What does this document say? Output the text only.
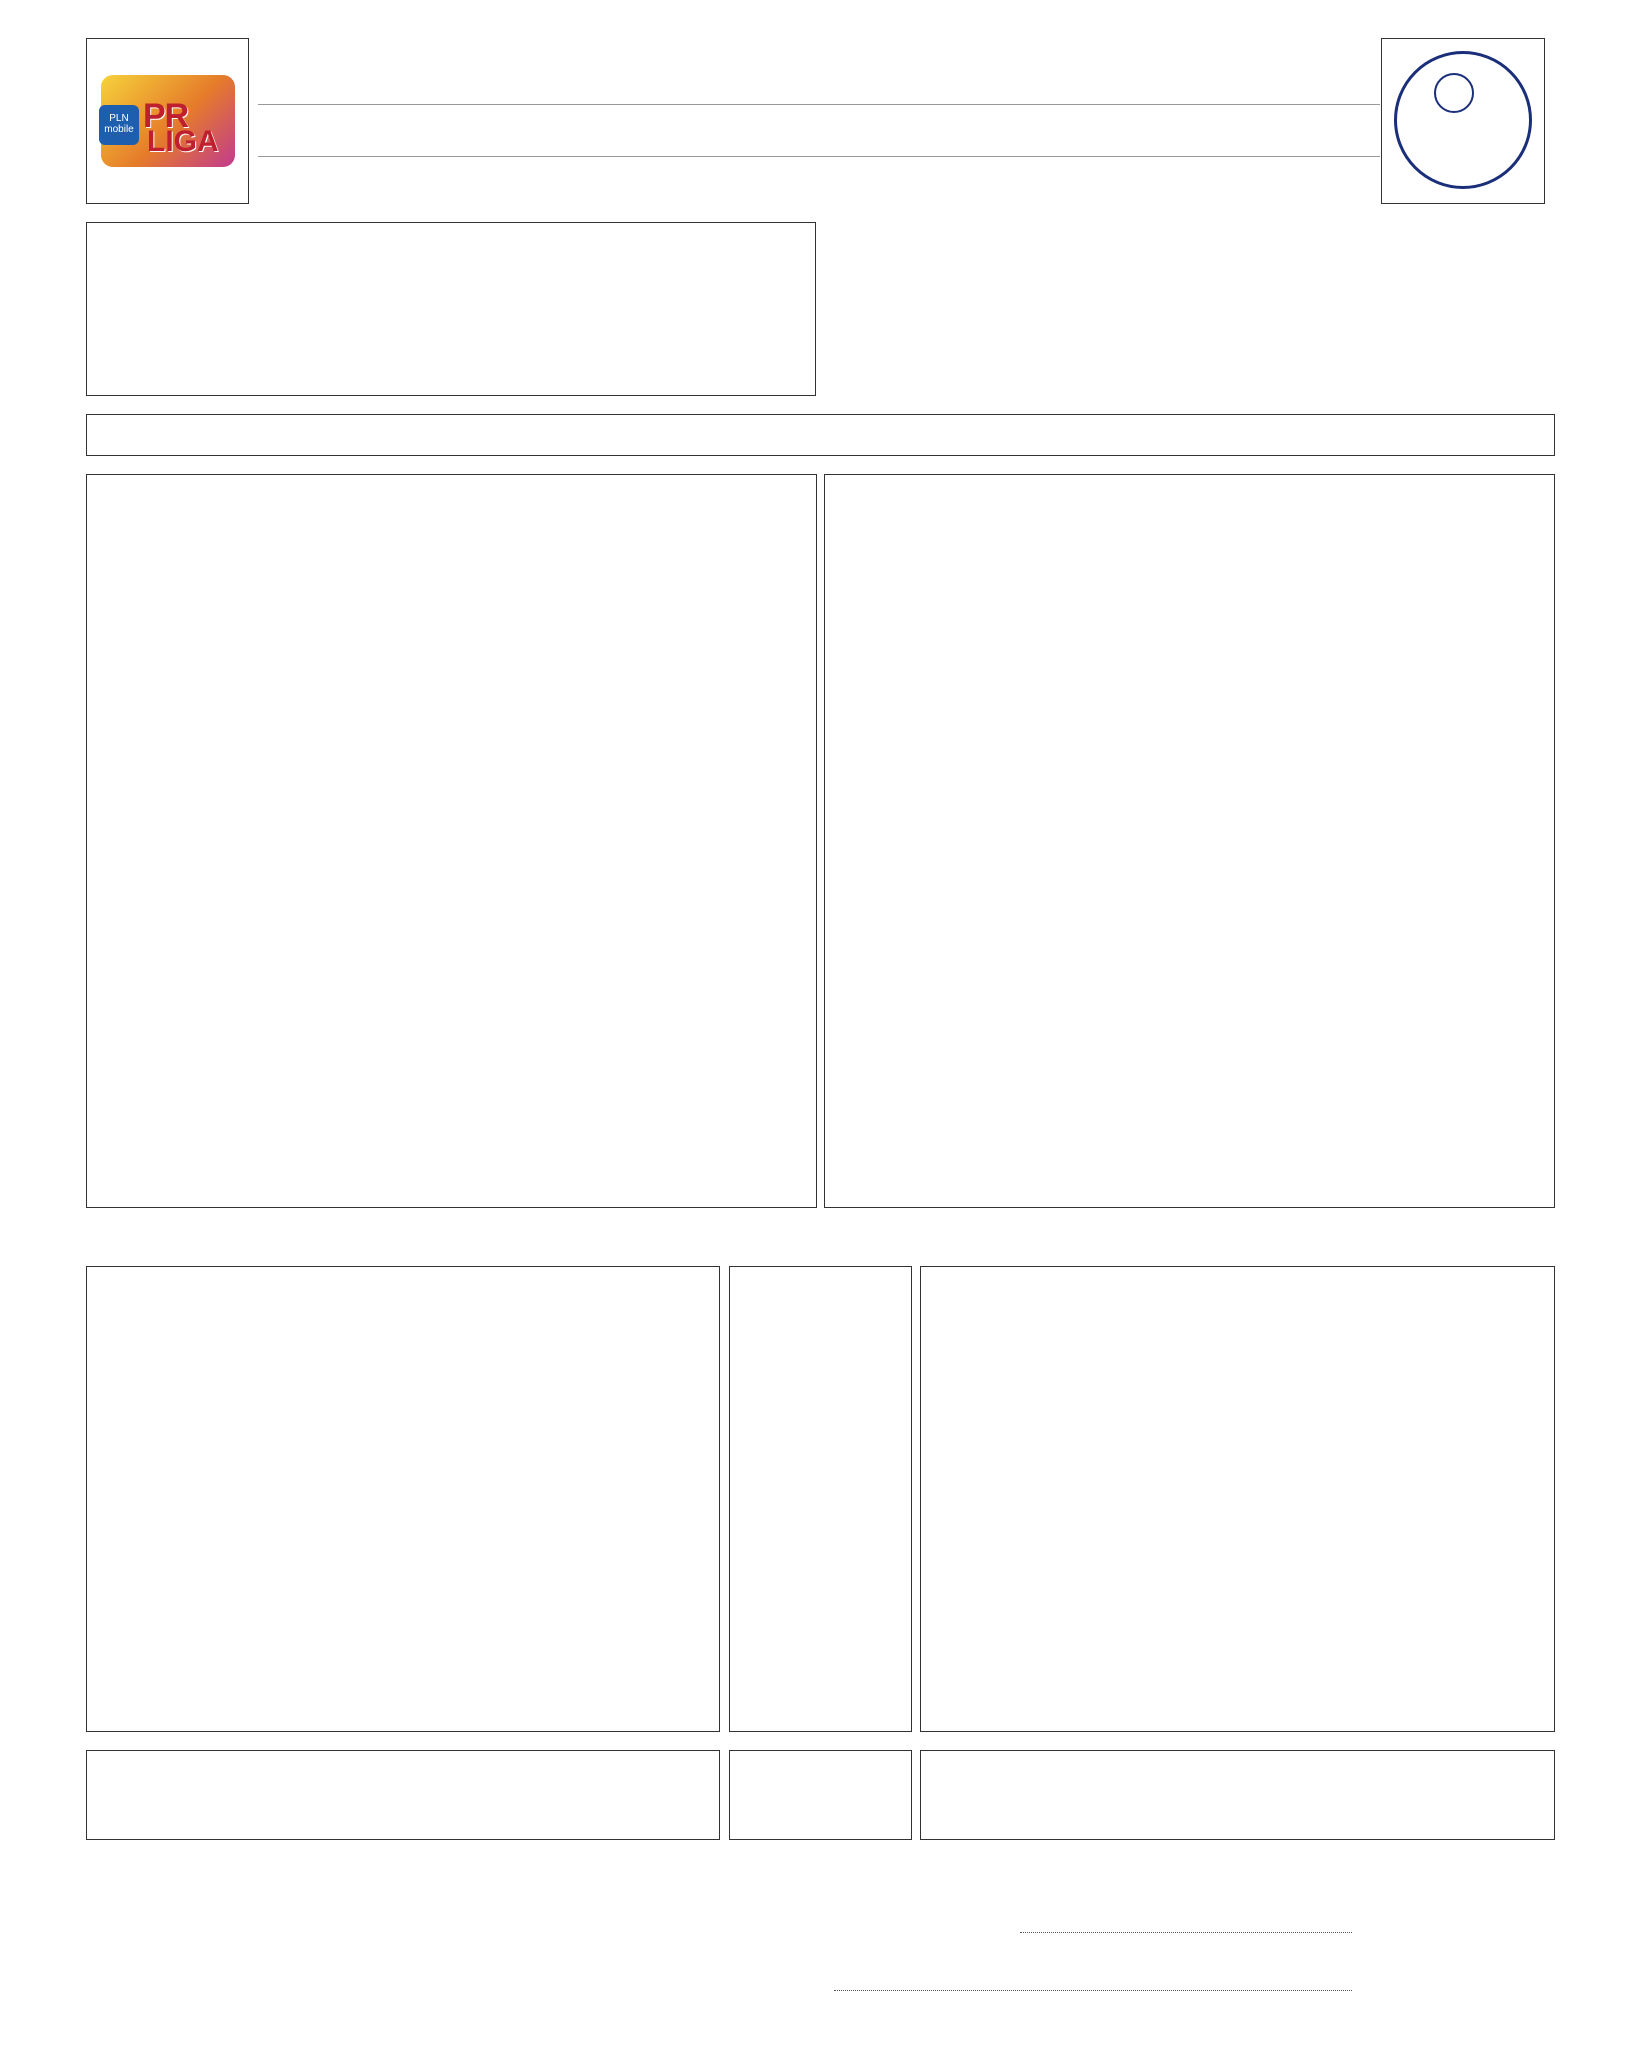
PLN
mobile PR

LIGA
